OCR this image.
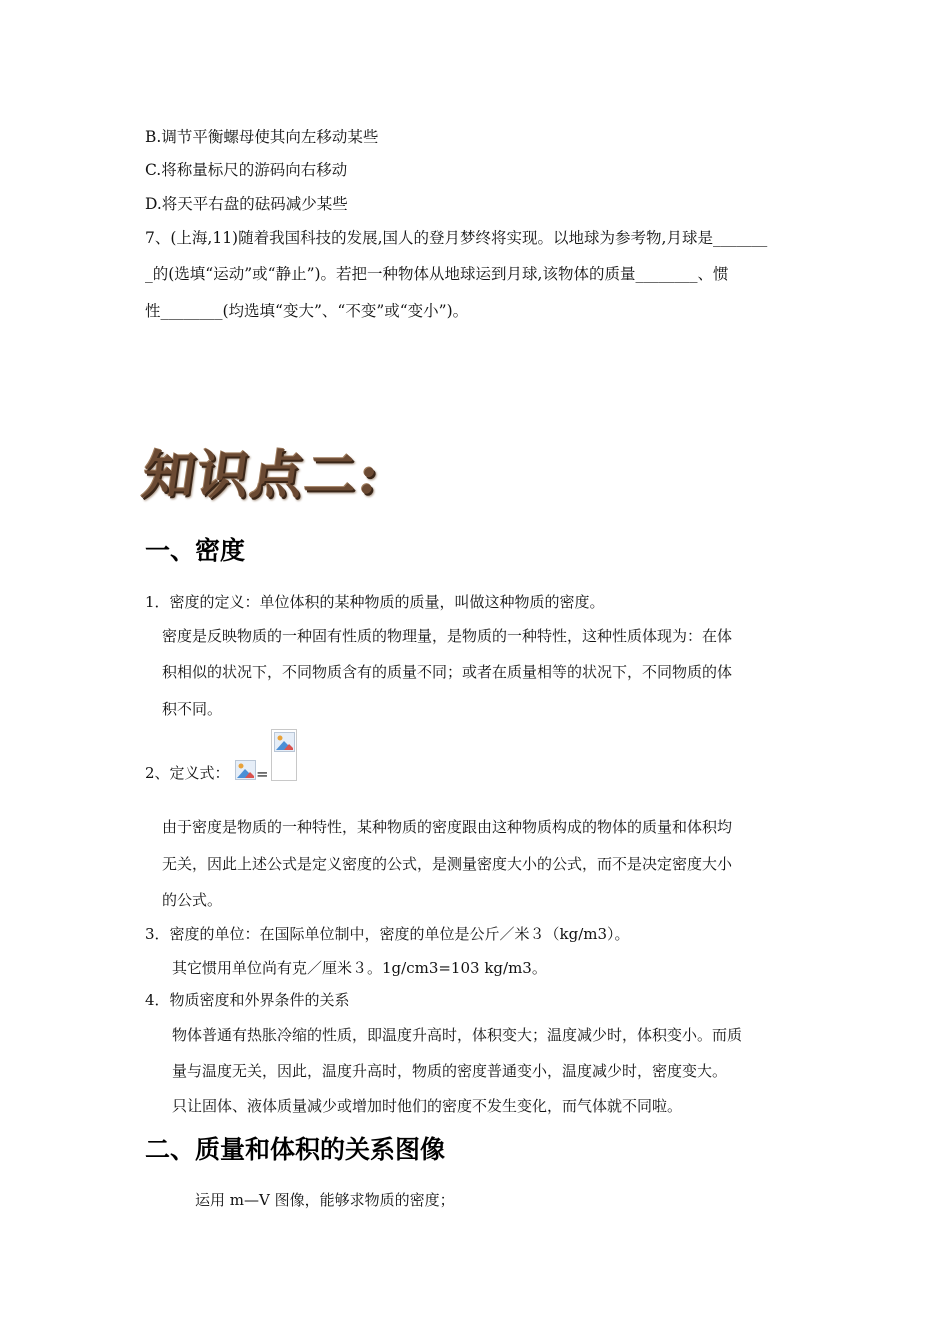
B.调节平衡螺母使其向左移动某些
C.将称量标尺的游码向右移动
D.将天平右盘的砝码减少某些
7、(上海,11)随着我国科技的发展,国人的登月梦终将实现。以地球为参考物,月球是_______
_的(选填“运动”或“静止”)。若把一种物体从地球运到月球,该物体的质量________、惯
性________(均选填“变大”、“不变”或“变小”)。
知识点二:
一、密度
1．密度的定义：单位体积的某种物质的质量，叫做这种物质的密度。
密度是反映物质的一种固有性质的物理量，是物质的一种特性，这种性质体现为：在体
积相似的状况下，不同物质含有的质量不同；或者在质量相等的状况下，不同物质的体
积不同。
2、定义式： =
由于密度是物质的一种特性，某种物质的密度跟由这种物质构成的物体的质量和体积均
无关，因此上述公式是定义密度的公式，是测量密度大小的公式，而不是决定密度大小
的公式。
3．密度的单位：在国际单位制中，密度的单位是公斤／米３（kg/m3）。
其它惯用单位尚有克／厘米３。1g/cm3=103 kg/m3。
4．物质密度和外界条件的关系
物体普通有热胀冷缩的性质，即温度升高时，体积变大；温度减少时，体积变小。而质
量与温度无关，因此，温度升高时，物质的密度普通变小，温度减少时，密度变大。
只让固体、液体质量减少或增加时他们的密度不发生变化，而气体就不同啦。
二、质量和体积的关系图像
运用 m—V 图像，能够求物质的密度；
